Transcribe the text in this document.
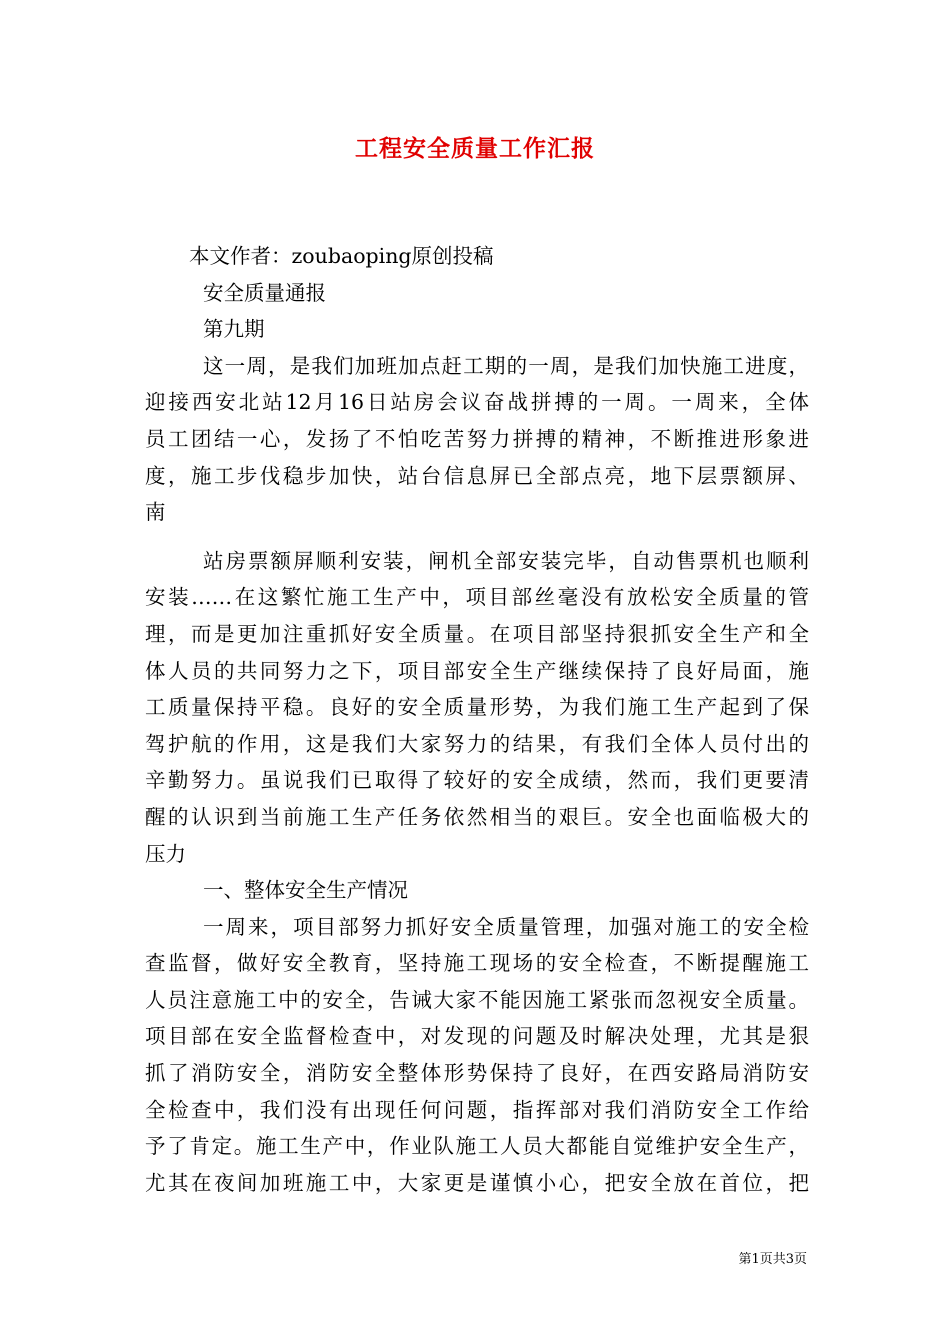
工程安全质量工作汇报
本文作者：zoubaoping原创投稿
安全质量通报
第九期
这一周，是我们加班加点赶工期的一周，是我们加快施工进度，
迎接西安北站12月16日站房会议奋战拼搏的一周。一周来，全体
员工团结一心，发扬了不怕吃苦努力拼搏的精神，不断推进形象进
度，施工步伐稳步加快，站台信息屏已全部点亮，地下层票额屏、
南
站房票额屏顺利安装，闸机全部安装完毕，自动售票机也顺利
安装……在这繁忙施工生产中，项目部丝毫没有放松安全质量的管
理，而是更加注重抓好安全质量。在项目部坚持狠抓安全生产和全
体人员的共同努力之下，项目部安全生产继续保持了良好局面，施
工质量保持平稳。良好的安全质量形势，为我们施工生产起到了保
驾护航的作用，这是我们大家努力的结果，有我们全体人员付出的
辛勤努力。虽说我们已取得了较好的安全成绩，然而，我们更要清
醒的认识到当前施工生产任务依然相当的艰巨。安全也面临极大的
压力
一、整体安全生产情况
一周来，项目部努力抓好安全质量管理，加强对施工的安全检
查监督，做好安全教育，坚持施工现场的安全检查，不断提醒施工
人员注意施工中的安全，告诫大家不能因施工紧张而忽视安全质量。
项目部在安全监督检查中，对发现的问题及时解决处理，尤其是狠
抓了消防安全，消防安全整体形势保持了良好，在西安路局消防安
全检查中，我们没有出现任何问题，指挥部对我们消防安全工作给
予了肯定。施工生产中，作业队施工人员大都能自觉维护安全生产，
尤其在夜间加班施工中，大家更是谨慎小心，把安全放在首位，把
第1页共3页
